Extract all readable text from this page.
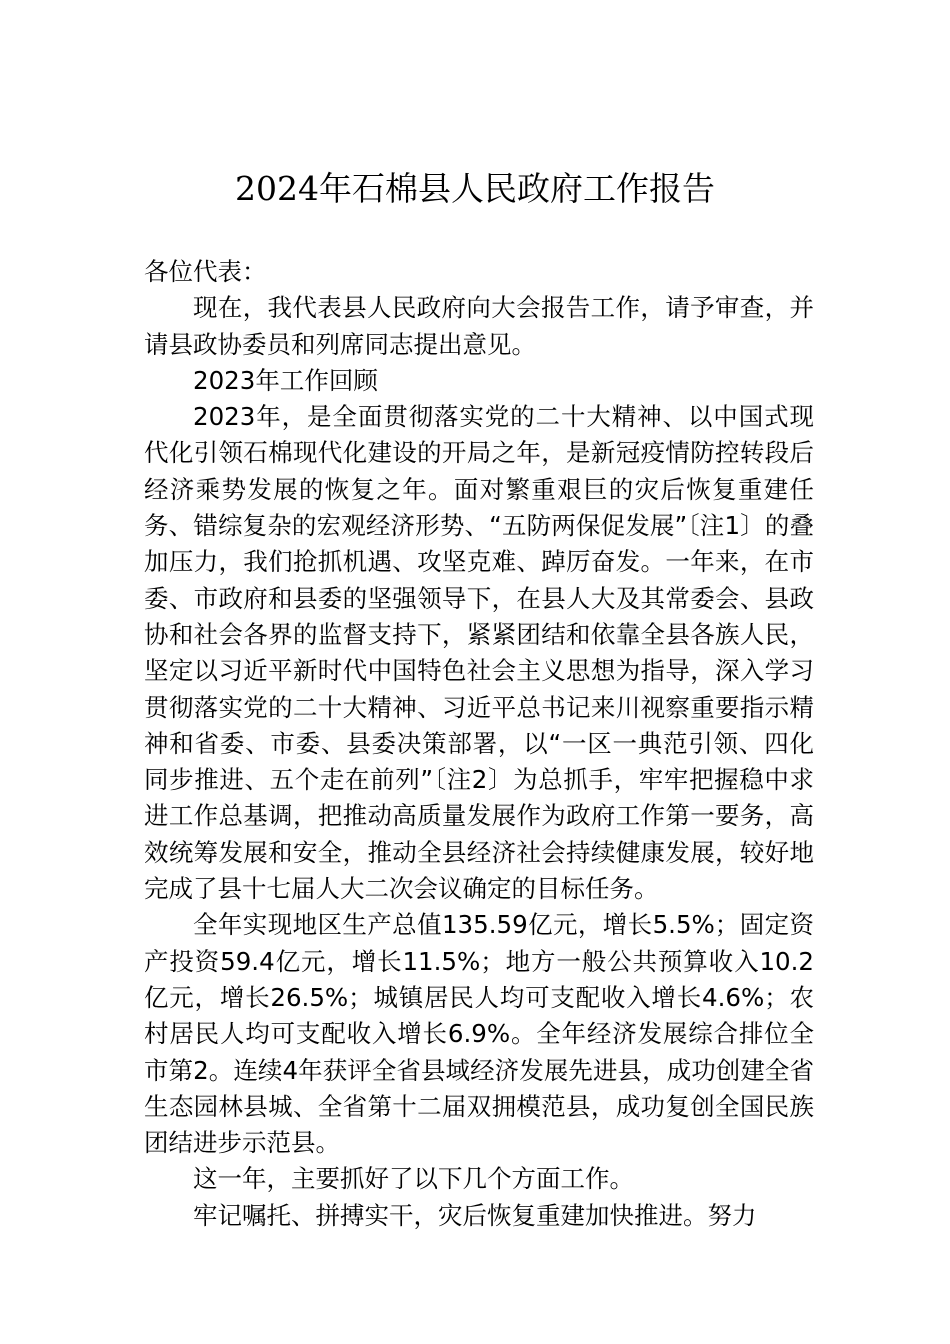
2024年石棉县人民政府工作报告

各位代表：

现在，我代表县人民政府向大会报告工作，请予审查，并请县政协委员和列席同志提出意见。

2023年工作回顾

2023年，是全面贯彻落实党的二十大精神、以中国式现代化引领石棉现代化建设的开局之年，是新冠疫情防控转段后经济乘势发展的恢复之年。面对繁重艰巨的灾后恢复重建任务、错综复杂的宏观经济形势、“五防两保促发展”〔注1〕的叠加压力，我们抢抓机遇、攻坚克难、踔厉奋发。一年来，在市委、市政府和县委的坚强领导下，在县人大及其常委会、县政协和社会各界的监督支持下，紧紧团结和依靠全县各族人民，坚定以习近平新时代中国特色社会主义思想为指导，深入学习贯彻落实党的二十大精神、习近平总书记来川视察重要指示精神和省委、市委、县委决策部署，以“一区一典范引领、四化同步推进、五个走在前列”〔注2〕为总抓手，牢牢把握稳中求进工作总基调，把推动高质量发展作为政府工作第一要务，高效统筹发展和安全，推动全县经济社会持续健康发展，较好地完成了县十七届人大二次会议确定的目标任务。

全年实现地区生产总值135.59亿元，增长5.5%；固定资产投资59.4亿元，增长11.5%；地方一般公共预算收入10.2亿元，增长26.5%；城镇居民人均可支配收入增长4.6%；农村居民人均可支配收入增长6.9%。全年经济发展综合排位全市第2。连续4年获评全省县域经济发展先进县，成功创建全省生态园林县城、全省第十二届双拥模范县，成功复创全国民族团结进步示范县。

这一年，主要抓好了以下几个方面工作。

牢记嘱托、拼搏实干，灾后恢复重建加快推进。努力
